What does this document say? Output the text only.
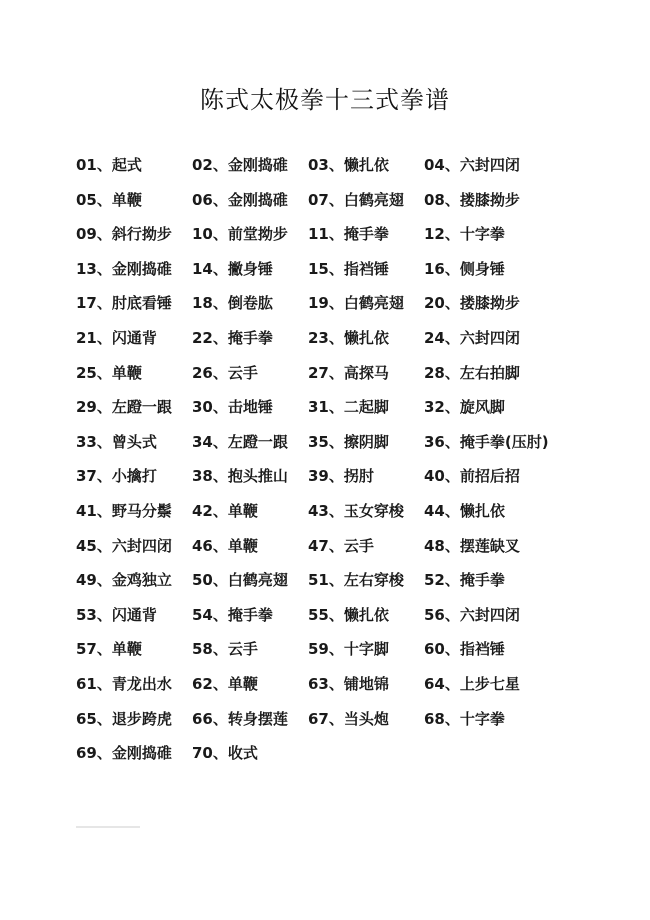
陈式太极拳十三式拳谱
01、起式	02、金刚捣碓	03、懒扎依	04、六封四闭
05、单鞭	06、金刚捣碓	07、白鹤亮翅	08、搂膝拗步
09、斜行拗步	10、前堂拗步	11、掩手拳	12、十字拳
13、金刚捣碓	14、撇身锤	15、指裆锤	16、侧身锤
17、肘底看锤	18、倒卷肱	19、白鹤亮翅	20、搂膝拗步
21、闪通背	22、掩手拳	23、懒扎依	24、六封四闭
25、单鞭	26、云手	27、高探马	28、左右拍脚
29、左蹬一跟	30、击地锤	31、二起脚	32、旋风脚
33、曾头式	34、左蹬一跟	35、擦阴脚	36、掩手拳(压肘)
37、小擒打	38、抱头推山	39、拐肘	40、前招后招
41、野马分鬃	42、单鞭	43、玉女穿梭	44、懒扎依
45、六封四闭	46、单鞭	47、云手	48、摆莲缺叉
49、金鸡独立	50、白鹤亮翅	51、左右穿梭	52、掩手拳
53、闪通背	54、掩手拳	55、懒扎依	56、六封四闭
57、单鞭	58、云手	59、十字脚	60、指裆锤
61、青龙出水	62、单鞭	63、铺地锦	64、上步七星
65、退步跨虎	66、转身摆莲	67、当头炮	68、十字拳
69、金刚捣碓	70、收式
